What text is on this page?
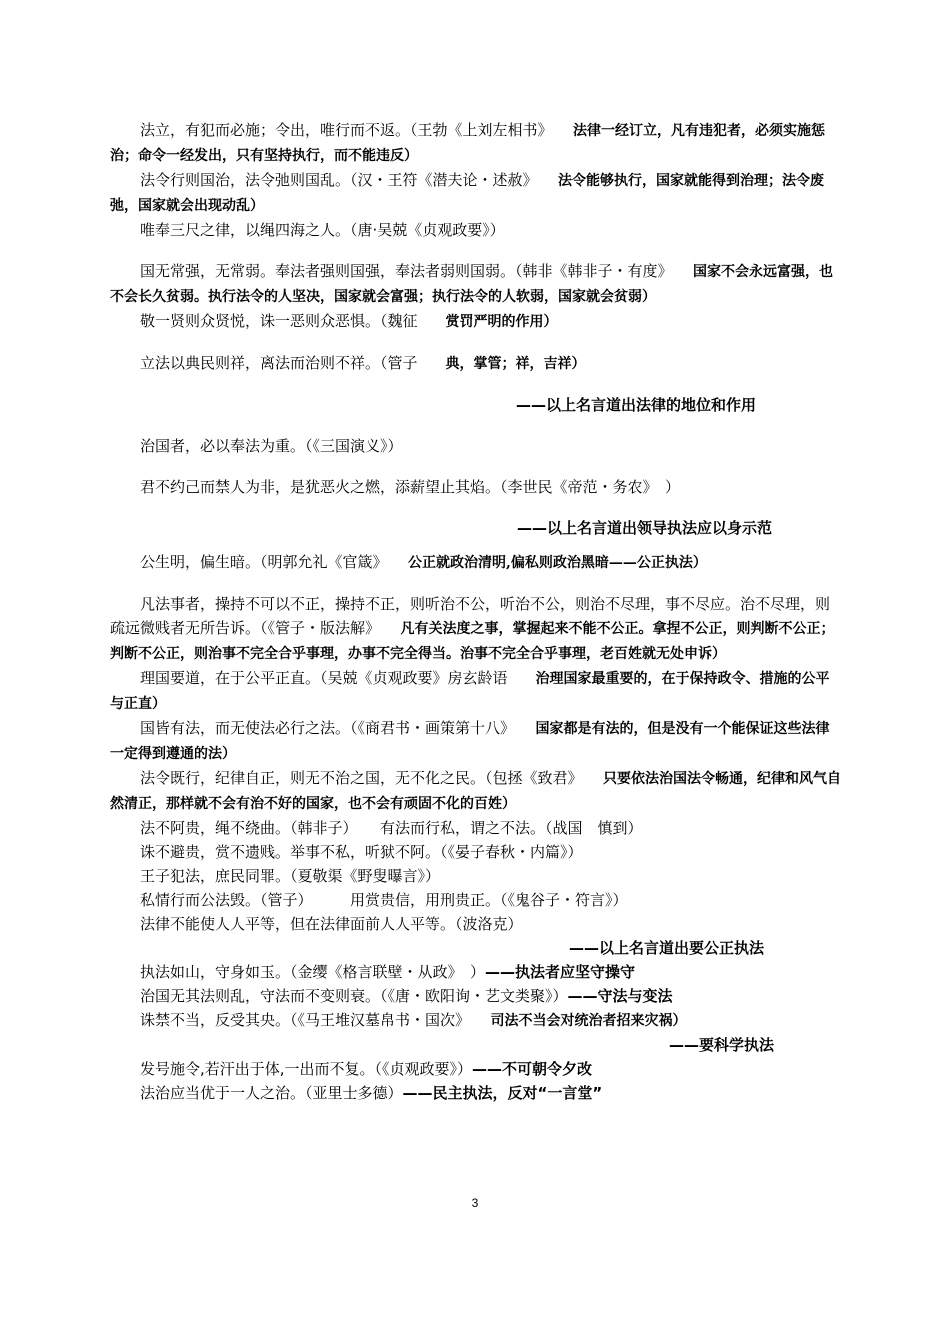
法立，有犯而必施；令出，唯行而不返。（王勃《上刘左相书》　　法律一经订立，凡有违犯者，必须实施惩治；命令一经发出，只有坚持执行，而不能违反）

法令行则国治，法令弛则国乱。（汉・王符《潜夫论・述赦》　　法令能够执行，国家就能得到治理；法令废弛，国家就会出现动乱）

唯奉三尺之律，以绳四海之人。（唐·吴兢《贞观政要》）

国无常强，无常弱。奉法者强则国强，奉法者弱则国弱。（韩非《韩非子・有度》　　国家不会永远富强，也不会长久贫弱。执行法令的人坚决，国家就会富强；执行法令的人软弱，国家就会贫弱）

敬一贤则众贤悦，诛一恶则众恶惧。（魏征　　赏罚严明的作用）

立法以典民则祥，离法而治则不祥。（管子　　典，掌管；祥，吉祥）

——以上名言道出法律的地位和作用

治国者，必以奉法为重。（《三国演义》）

君不约己而禁人为非，是犹恶火之燃，添薪望止其焰。（李世民《帝范・务农》　）

——以上名言道出领导执法应以身示范

公生明，偏生暗。（明郭允礼《官箴》　　公正就政治清明,偏私则政治黑暗——公正执法）

凡法事者，操持不可以不正，操持不正，则听治不公，听治不公，则治不尽理，事不尽应。治不尽理，则疏远微贱者无所告诉。（《管子・版法解》　　凡有关法度之事，掌握起来不能不公正。拿捏不公正，则判断不公正；判断不公正，则治事不完全合乎事理，办事不完全得当。治事不完全合乎事理，老百姓就无处申诉）

理国要道，在于公平正直。（吴兢《贞观政要》房玄龄语　　治理国家最重要的，在于保持政令、措施的公平与正直）

国皆有法，而无使法必行之法。（《商君书・画策第十八》　　国家都是有法的，但是没有一个能保证这些法律一定得到遵通的法）

法令既行，纪律自正，则无不治之国，无不化之民。（包拯《致君》　　只要依法治国法令畅通，纪律和风气自然清正，那样就不会有治不好的国家，也不会有顽固不化的百姓）

法不阿贵，绳不绕曲。（韩非子）　　有法而行私，谓之不法。（战国　慎到）

诛不避贵，赏不遗贱。举事不私，听狱不阿。（《晏子春秋・内篇》）

王子犯法，庶民同罪。（夏敬渠《野叟曝言》）

私情行而公法毁。（管子）　　　用赏贵信，用刑贵正。（《鬼谷子・符言》）

法律不能使人人平等，但在法律面前人人平等。（波洛克）

——以上名言道出要公正执法

执法如山，守身如玉。（金缨《格言联壁・从政》　）——执法者应坚守操守

治国无其法则乱，守法而不变则衰。（《唐・欧阳询・艺文类聚》）——守法与变法

诛禁不当，反受其央。（《马王堆汉墓帛书・国次》　　司法不当会对统治者招来灾祸）

——要科学执法

发号施令,若汗出于体,一出而不复。（《贞观政要》）——不可朝令夕改

法治应当优于一人之治。（亚里士多德）——民主执法，反对“一言堂”

3
